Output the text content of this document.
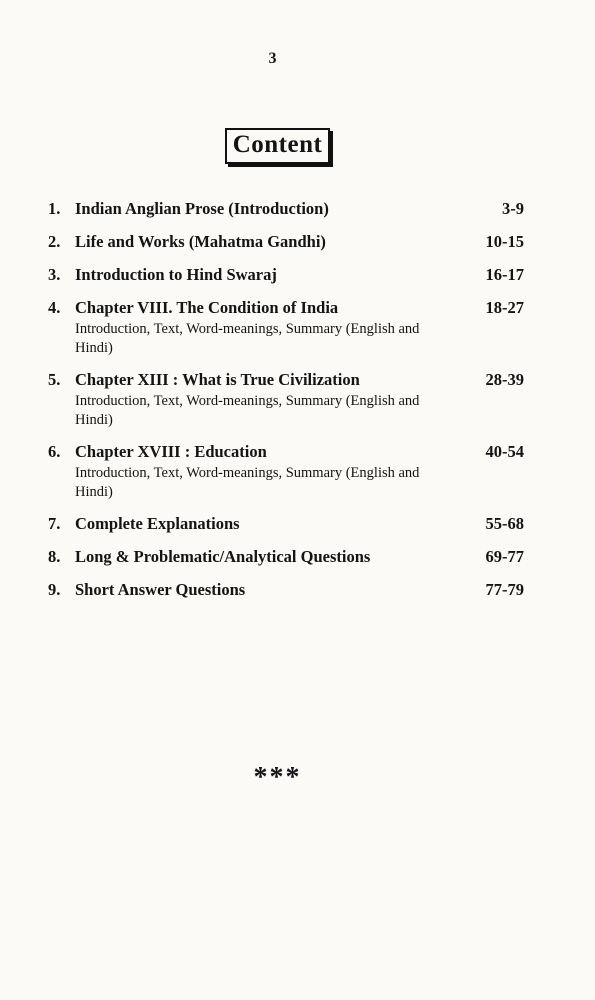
3
Content
1. Indian Anglian Prose (Introduction)	3-9
2. Life and Works (Mahatma Gandhi)	10-15
3. Introduction to Hind Swaraj	16-17
4. Chapter VIII. The Condition of India	18-27
Introduction, Text, Word-meanings, Summary (English and Hindi)
5. Chapter XIII : What is True Civilization	28-39
Introduction, Text, Word-meanings, Summary (English and Hindi)
6. Chapter XVIII : Education	40-54
Introduction, Text, Word-meanings, Summary (English and Hindi)
7. Complete Explanations	55-68
8. Long & Problematic/Analytical Questions	69-77
9. Short Answer Questions	77-79
***
